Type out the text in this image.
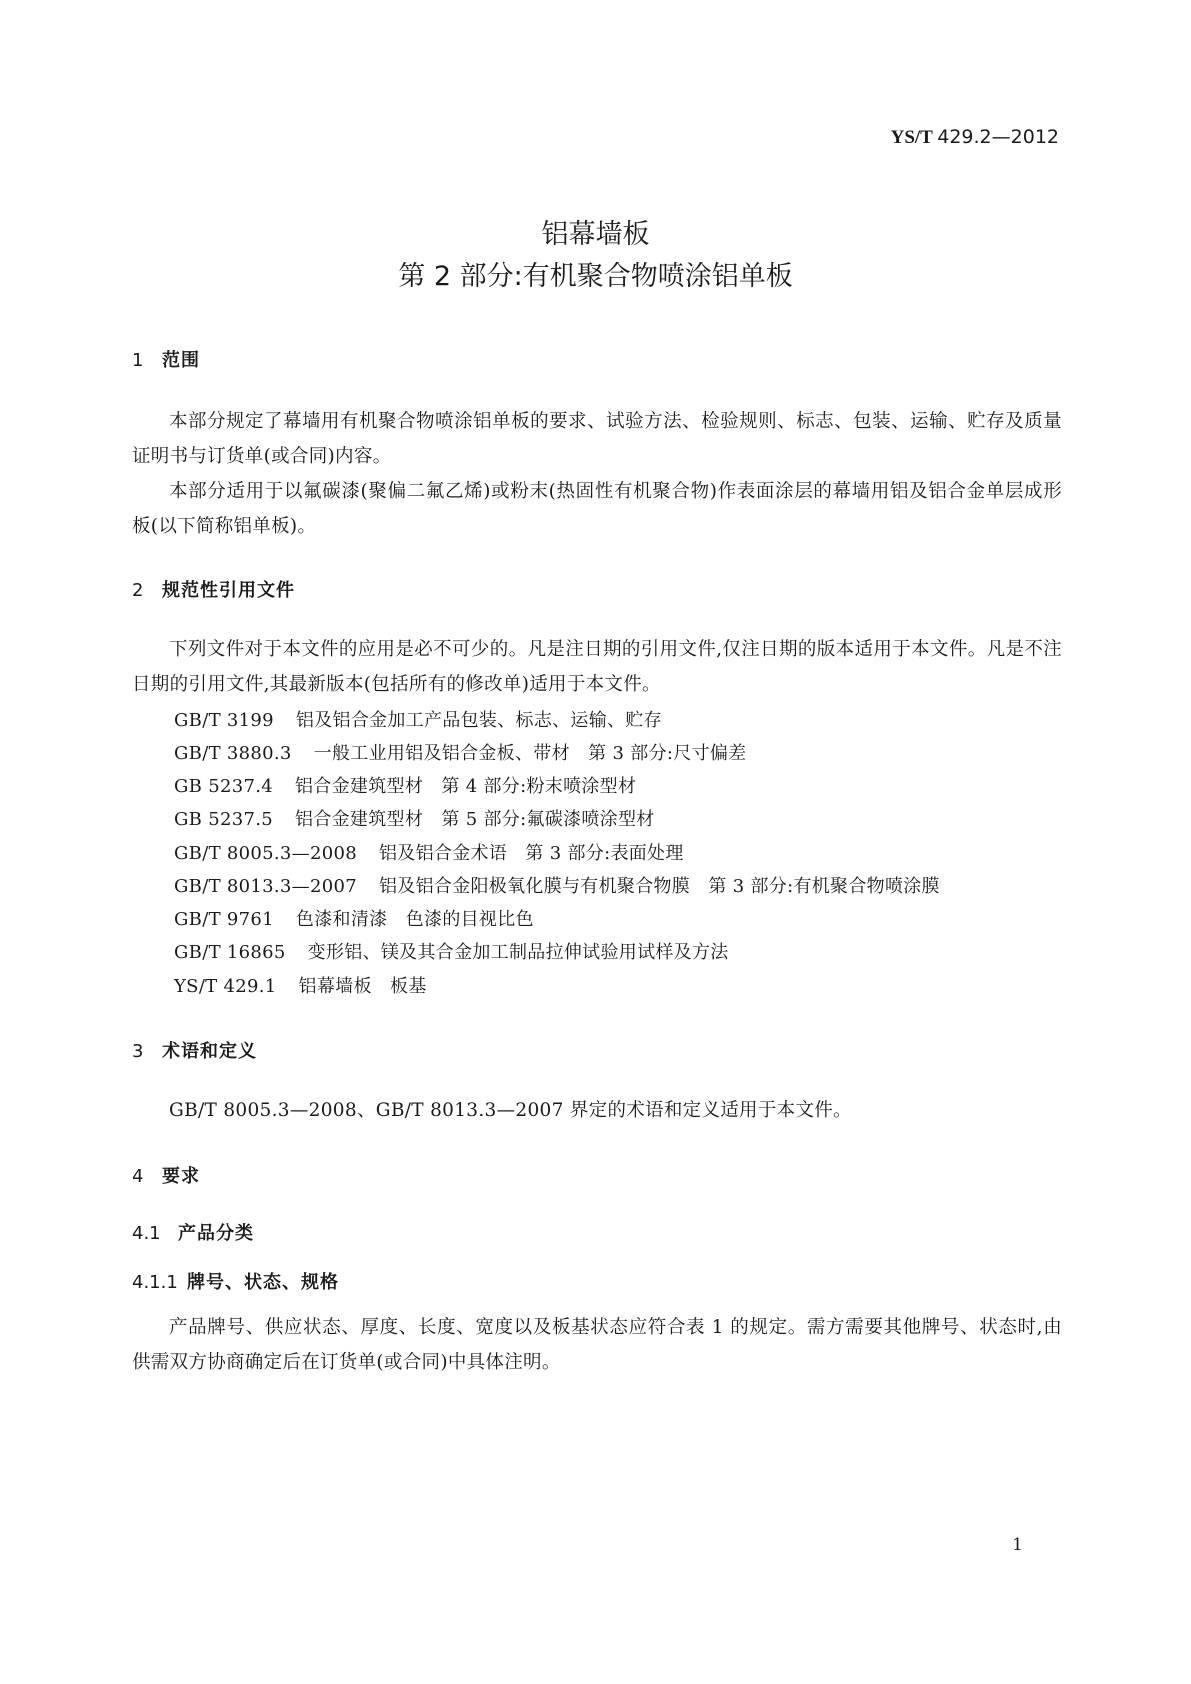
YS/T 429.2—2012
铝幕墙板
第 2 部分:有机聚合物喷涂铝单板
1 范围
本部分规定了幕墙用有机聚合物喷涂铝单板的要求、试验方法、检验规则、标志、包装、运输、贮存及质量证明书与订货单(或合同)内容。
本部分适用于以氟碳漆(聚偏二氟乙烯)或粉末(热固性有机聚合物)作表面涂层的幕墙用铝及铝合金单层成形板(以下简称铝单板)。
2 规范性引用文件
下列文件对于本文件的应用是必不可少的。凡是注日期的引用文件,仅注日期的版本适用于本文件。凡是不注日期的引用文件,其最新版本(包括所有的修改单)适用于本文件。
GB/T 3199 铝及铝合金加工产品包装、标志、运输、贮存
GB/T 3880.3 一般工业用铝及铝合金板、带材　第 3 部分:尺寸偏差
GB 5237.4 铝合金建筑型材　第 4 部分:粉末喷涂型材
GB 5237.5 铝合金建筑型材　第 5 部分:氟碳漆喷涂型材
GB/T 8005.3—2008 铝及铝合金术语　第 3 部分:表面处理
GB/T 8013.3—2007 铝及铝合金阳极氧化膜与有机聚合物膜　第 3 部分:有机聚合物喷涂膜
GB/T 9761 色漆和清漆　色漆的目视比色
GB/T 16865 变形铝、镁及其合金加工制品拉伸试验用试样及方法
YS/T 429.1 铝幕墙板　板基
3 术语和定义
GB/T 8005.3—2008、GB/T 8013.3—2007 界定的术语和定义适用于本文件。
4 要求
4.1 产品分类
4.1.1 牌号、状态、规格
产品牌号、供应状态、厚度、长度、宽度以及板基状态应符合表 1 的规定。需方需要其他牌号、状态时,由供需双方协商确定后在订货单(或合同)中具体注明。
1
